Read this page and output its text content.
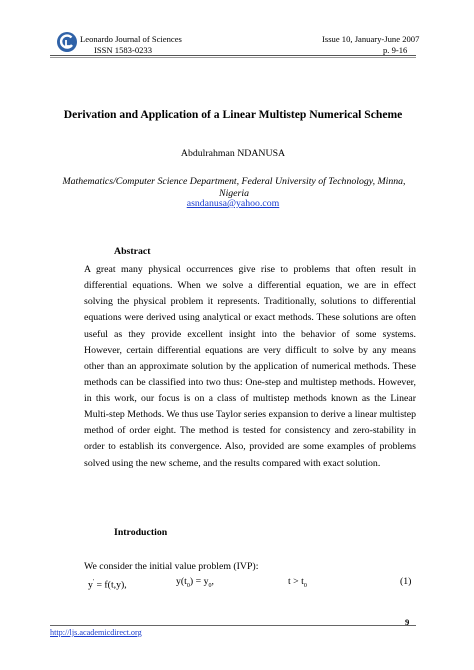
Leonardo Journal of Sciences
ISSN 1583-0233
Issue 10, January-June 2007
p. 9-16
Derivation and Application of a Linear Multistep Numerical Scheme
Abdulrahman NDANUSA
Mathematics/Computer Science Department, Federal University of Technology, Minna,
Nigeria
asndanusa@yahoo.com
Abstract

A great many physical occurrences give rise to problems that often result in differential equations. When we solve a differential equation, we are in effect solving the physical problem it represents. Traditionally, solutions to differential equations were derived using analytical or exact methods. These solutions are often useful as they provide excellent insight into the behavior of some systems. However, certain differential equations are very difficult to solve by any means other than an approximate solution by the application of numerical methods. These methods can be classified into two thus: One-step and multistep methods. However, in this work, our focus is on a class of multistep methods known as the Linear Multi-step Methods. We thus use Taylor series expansion to derive a linear multistep method of order eight. The method is tested for consistency and zero-stability in order to establish its convergence. Also, provided are some examples of problems solved using the new scheme, and the results compared with exact solution.

Introduction
We consider the initial value problem (IVP):
y' = f(t,y),	$y(t_0) = y_0$,	$t > t_0$	(1)
9
http://ljs.academicdirect.org
